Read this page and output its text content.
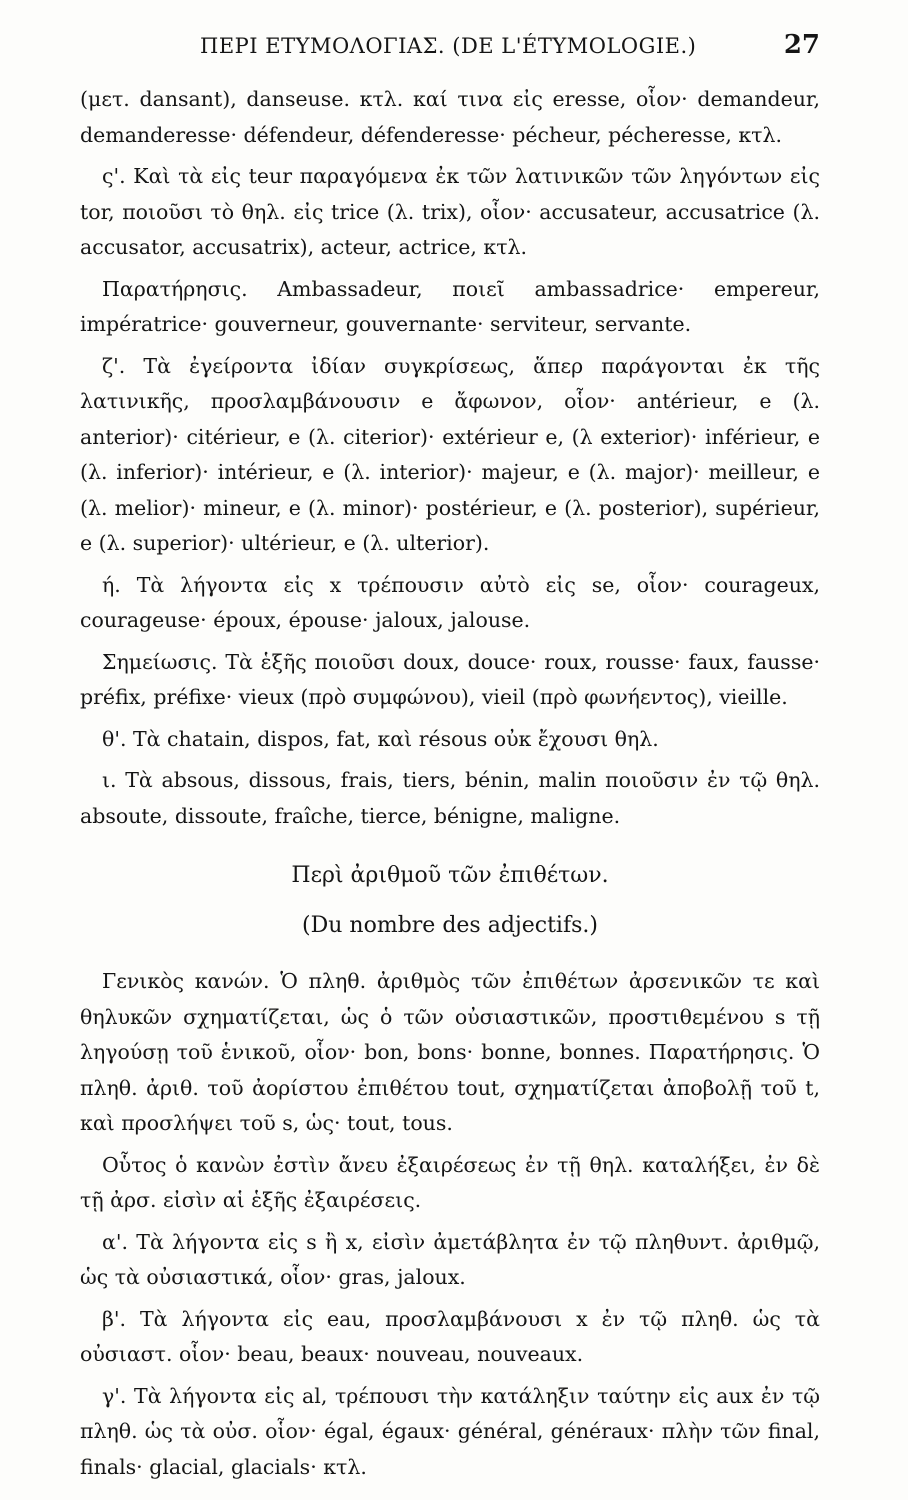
ΠΕΡΙ ΕΤΥΜΟΛΟΓΙΑΣ. (DE L'ÉTYMOLOGIE.)	27

(μετ. dansant), danseuse. κτλ. καί τινα εἰς eresse, οἷον· demandeur, demanderesse· défendeur, défenderesse· pécheur, pécheresse, κτλ.

ς'. Καὶ τὰ εἰς teur παραγόμενα ἐκ τῶν λατινικῶν τῶν ληγόντων εἰς tor, ποιοῦσι τὸ θηλ. εἰς trice (λ. trix), οἷον· accusateur, accusatrice (λ. accusator, accusatrix), acteur, actrice, κτλ.

Παρατήρησις. Ambassadeur, ποιεῖ ambassadrice· empereur, impératrice· gouverneur, gouvernante· serviteur, servante.

ζ'. Τὰ ἐγείροντα ἰδίαν συγκρίσεως, ἅπερ παράγονται ἐκ τῆς λατινικῆς, προσλαμβάνουσιν e ἄφωνον, οἷον· antérieur, e (λ. anterior)· citérieur, e (λ. citerior)· extérieur e, (λ exterior)· inférieur, e (λ. inferior)· intérieur, e (λ. interior)· majeur, e (λ. major)· meilleur, e (λ. melior)· mineur, e (λ. minor)· postérieur, e (λ. posterior), supérieur, e (λ. superior)· ultérieur, e (λ. ulterior).

ή. Τὰ λήγοντα εἰς x τρέπουσιν αὐτὸ εἰς se, οἷον· courageux, courageuse· époux, épouse· jaloux, jalouse.

Σημείωσις. Τὰ ἑξῆς ποιοῦσι doux, douce· roux, rousse· faux, fausse· préfix, préfixe· vieux (πρὸ συμφώνου), vieil (πρὸ φωνήεντος), vieille.

θ'. Τὰ chatain, dispos, fat, καὶ résous οὐκ ἔχουσι θηλ.

ι. Τὰ absous, dissous, frais, tiers, bénin, malin ποιοῦσιν ἐν τῷ θηλ. absoute, dissoute, fraîche, tierce, bénigne, maligne.

Περὶ ἀριθμοῦ τῶν ἐπιθέτων.
(Du nombre des adjectifs.)

Γενικὸς κανών. Ὁ πληθ. ἀριθμὸς τῶν ἐπιθέτων ἀρσενικῶν τε καὶ θηλυκῶν σχηματίζεται, ὡς ὁ τῶν οὐσιαστικῶν, προστιθεμένου s τῇ ληγούσῃ τοῦ ἑνικοῦ, οἷον· bon, bons· bonne, bonnes. Παρατήρησις. Ὁ πληθ. ἀριθ. τοῦ ἀορίστου ἐπιθέτου tout, σχηματίζεται ἀποβολῇ τοῦ t, καὶ προσλήψει τοῦ s, ὡς· tout, tous.

Οὗτος ὁ κανὼν ἐστὶν ἄνευ ἐξαιρέσεως ἐν τῇ θηλ. καταλήξει, ἐν δὲ τῇ ἀρσ. εἰσὶν αἱ ἑξῆς ἐξαιρέσεις.

α'. Τὰ λήγοντα εἰς s ἢ x, εἰσὶν ἀμετάβλητα ἐν τῷ πληθυντ. ἀριθμῷ, ὡς τὰ οὐσιαστικά, οἷον· gras, jaloux.

β'. Τὰ λήγοντα εἰς eau, προσλαμβάνουσι x ἐν τῷ πληθ. ὡς τὰ οὐσιαστ. οἷον· beau, beaux· nouveau, nouveaux.

γ'. Τὰ λήγοντα εἰς al, τρέπουσι τὴν κατάληξιν ταύτην εἰς aux ἐν τῷ πληθ. ὡς τὰ οὐσ. οἷον· égal, égaux· général, généraux· πλὴν τῶν final, finals· glacial, glacials· κτλ.
